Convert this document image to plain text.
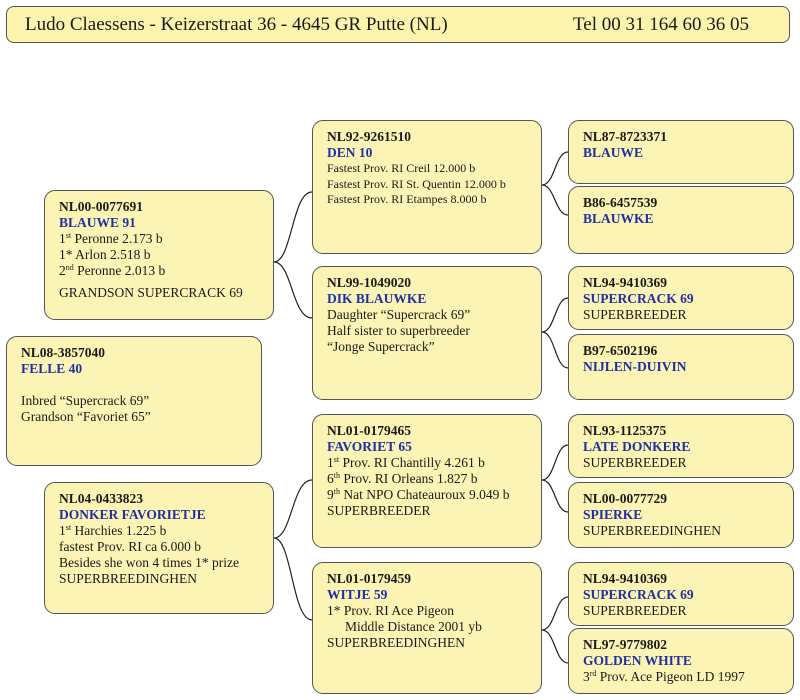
Ludo Claessens - Keizerstraat 36 - 4645 GR Putte (NL)	Tel 00 31 164 60 36 05
NL08-3857040
FELLE 40
Inbred “Supercrack 69”
Grandson “Favoriet 65”
NL00-0077691
BLAUWE 91
1st Peronne 2.173 b
1* Arlon 2.518 b
2nd Peronne 2.013 b
GRANDSON SUPERCRACK 69
NL04-0433823
DONKER FAVORIETJE
1st Harchies 1.225 b
fastest Prov. RI ca 6.000 b
Besides she won 4 times 1* prize
SUPERBREEDINGHEN
NL92-9261510
DEN 10
Fastest Prov. RI Creil 12.000 b
Fastest Prov. RI St. Quentin 12.000 b
Fastest Prov. RI Etampes 8.000 b
NL99-1049020
DIK BLAUWKE
Daughter “Supercrack 69”
Half sister to superbreeder
“Jonge Supercrack”
NL01-0179465
FAVORIET 65
1st Prov. RI Chantilly 4.261 b
6th Prov. RI Orleans 1.827 b
9th Nat NPO Chateauroux 9.049 b
SUPERBREEDER
NL01-0179459
WITJE 59
1* Prov. RI Ace Pigeon
Middle Distance 2001 yb
SUPERBREEDINGHEN
NL87-8723371
BLAUWE
B86-6457539
BLAUWKE
NL94-9410369
SUPERCRACK 69
SUPERBREEDER
B97-6502196
NIJLEN-DUIVIN
NL93-1125375
LATE DONKERE
SUPERBREEDER
NL00-0077729
SPIERKE
SUPERBREEDINGHEN
NL94-9410369
SUPERCRACK 69
SUPERBREEDER
NL97-9779802
GOLDEN WHITE
3rd Prov. Ace Pigeon LD 1997
